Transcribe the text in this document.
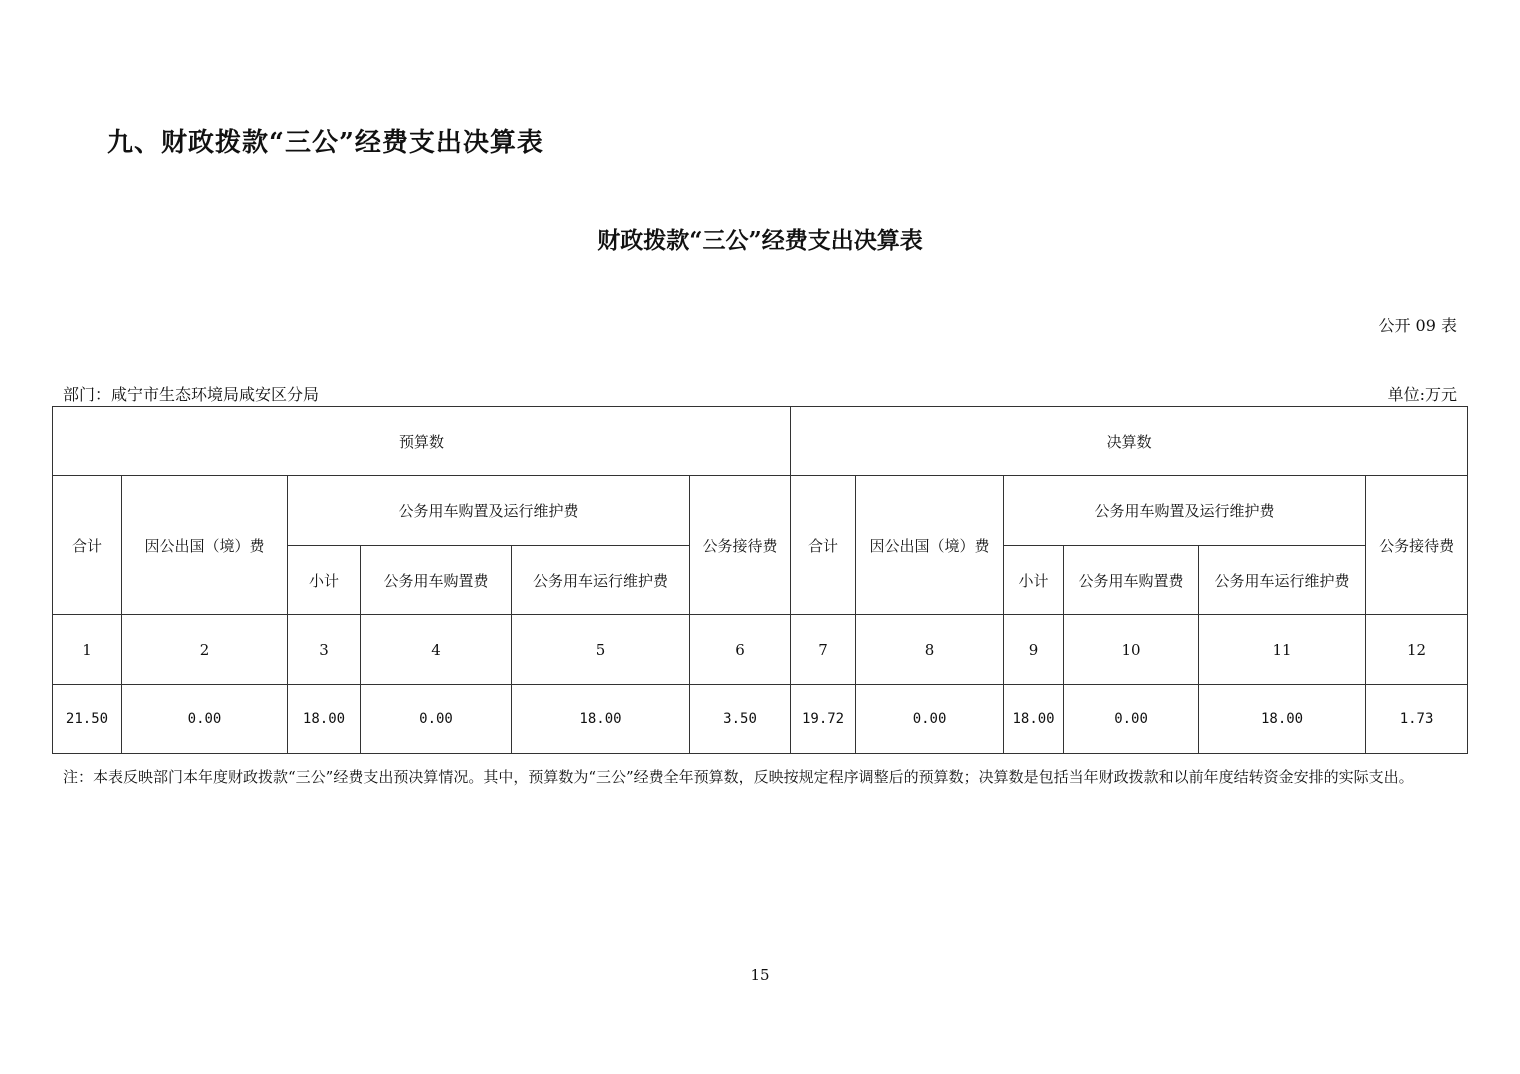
九、财政拨款“三公”经费支出决算表
财政拨款“三公”经费支出决算表
公开 09 表
部门：咸宁市生态环境局咸安区分局	单位:万元
预算数						决算数					
合计	因公出国（境）费	公务用车购置及运行维护费			公务接待费	合计	因公出国（境）费	公务用车购置及运行维护费			公务接待费
		小计	公务用车购置费	公务用车运行维护费				小计	公务用车购置费	公务用车运行维护费	
1	2	3	4	5	6	7	8	9	10	11	12
21.50	0.00	18.00	0.00	18.00	3.50	19.72	0.00	18.00	0.00	18.00	1.73
注：本表反映部门本年度财政拨款“三公”经费支出预决算情况。其中，预算数为“三公”经费全年预算数，反映按规定程序调整后的预算数；决算数是包括当年财政拨款和以前年度结转资金安排的实际支出。
15
